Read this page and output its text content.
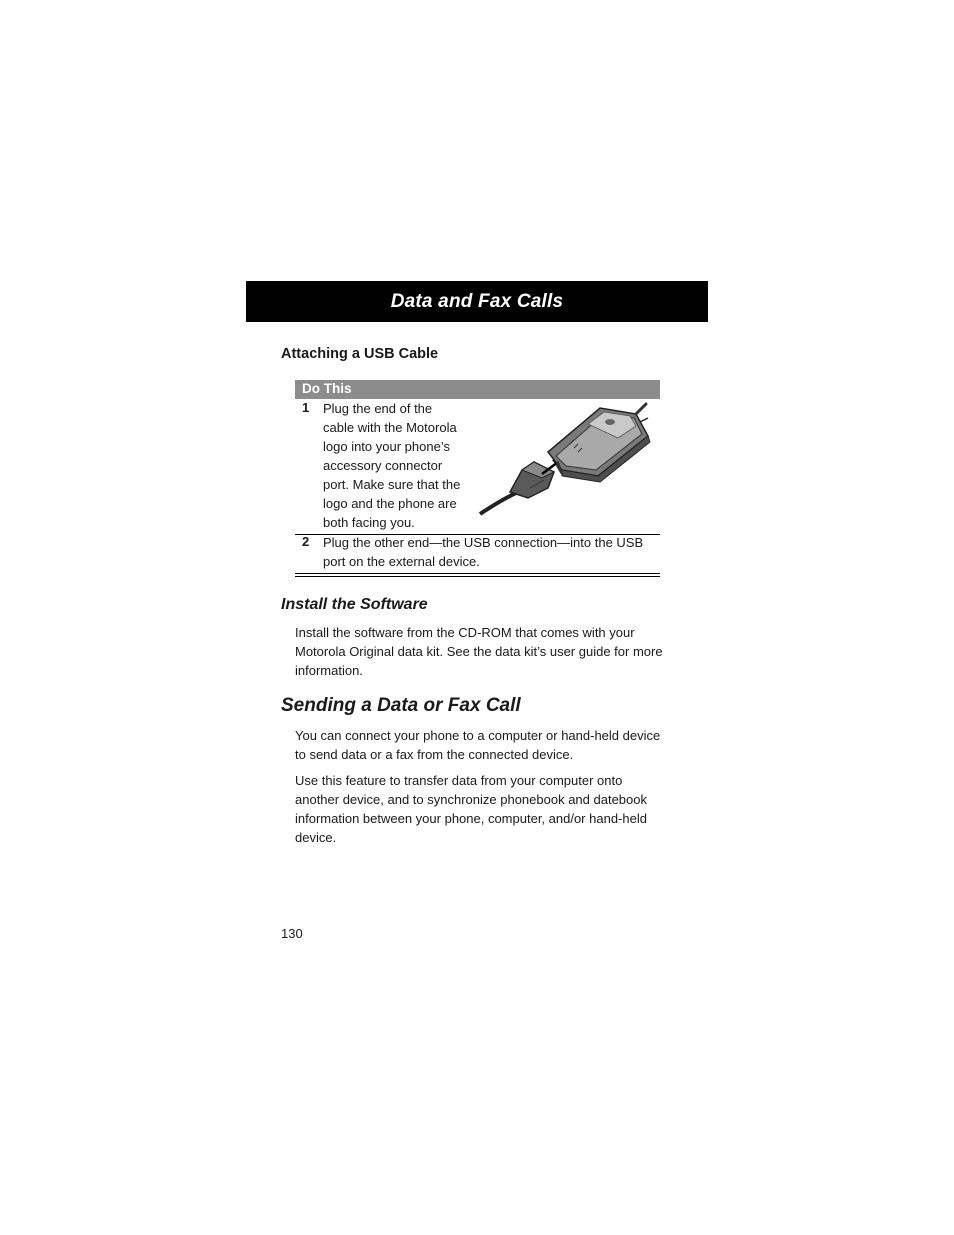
Data and Fax Calls
Attaching a USB Cable
Do This
1 Plug the end of the
cable with the Motorola
logo into your phone’s
accessory connector
port. Make sure that the
logo and the phone are
both facing you.
2 Plug the other end—the USB connection—into the USB
port on the external device.
Install the Software
Install the software from the CD-ROM that comes with your
Motorola Original data kit. See the data kit’s user guide for more
information.
Sending a Data or Fax Call
You can connect your phone to a computer or hand-held device
to send data or a fax from the connected device.
Use this feature to transfer data from your computer onto
another device, and to synchronize phonebook and datebook
information between your phone, computer, and/or hand-held
device.
130
